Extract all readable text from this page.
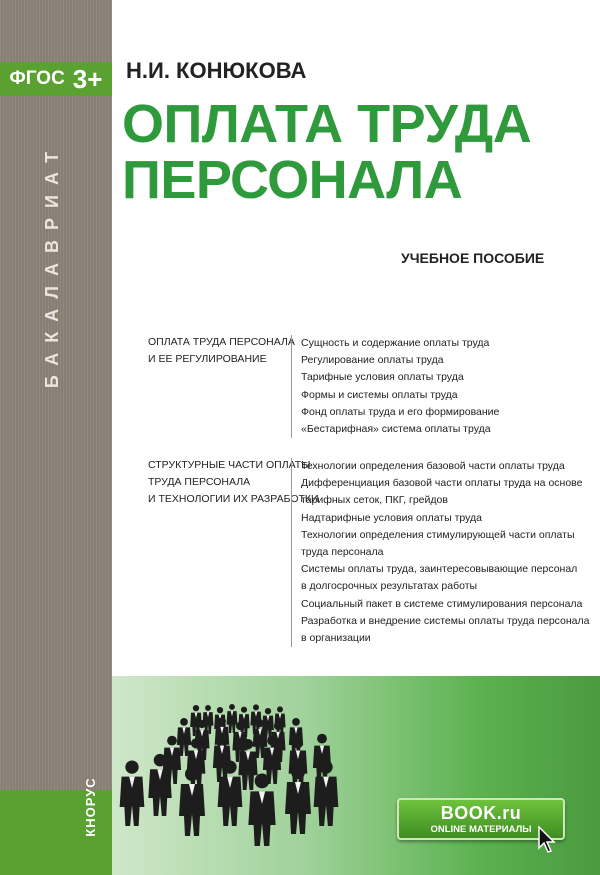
ФГОС 3+
БАКАЛАВРИАТ
КНОРУС
Н.И. КОНЮКОВА
ОПЛАТА ТРУДА
ПЕРСОНАЛА
УЧЕБНОЕ ПОСОБИЕ
ОПЛАТА ТРУДА ПЕРСОНАЛА
И ЕЕ РЕГУЛИРОВАНИЕ
Сущность и содержание оплаты труда
Регулирование оплаты труда
Тарифные условия оплаты труда
Формы и системы оплаты труда
Фонд оплаты труда и его формирование
«Бестарифная» система оплаты труда
СТРУКТУРНЫЕ ЧАСТИ ОПЛАТЫ
ТРУДА ПЕРСОНАЛА
И ТЕХНОЛОГИИ ИХ РАЗРАБОТКИ
Технологии определения базовой части оплаты труда
Дифференциация базовой части оплаты труда на основе
тарифных сеток, ПКГ, грейдов
Надтарифные условия оплаты труда
Технологии определения стимулирующей части оплаты
труда персонала
Системы оплаты труда, заинтересовывающие персонал
в долгосрочных результатах работы
Социальный пакет в системе стимулирования персонала
Разработка и внедрение системы оплаты труда персонала
в организации
BOOK.ru
ONLINE МАТЕРИАЛЫ
